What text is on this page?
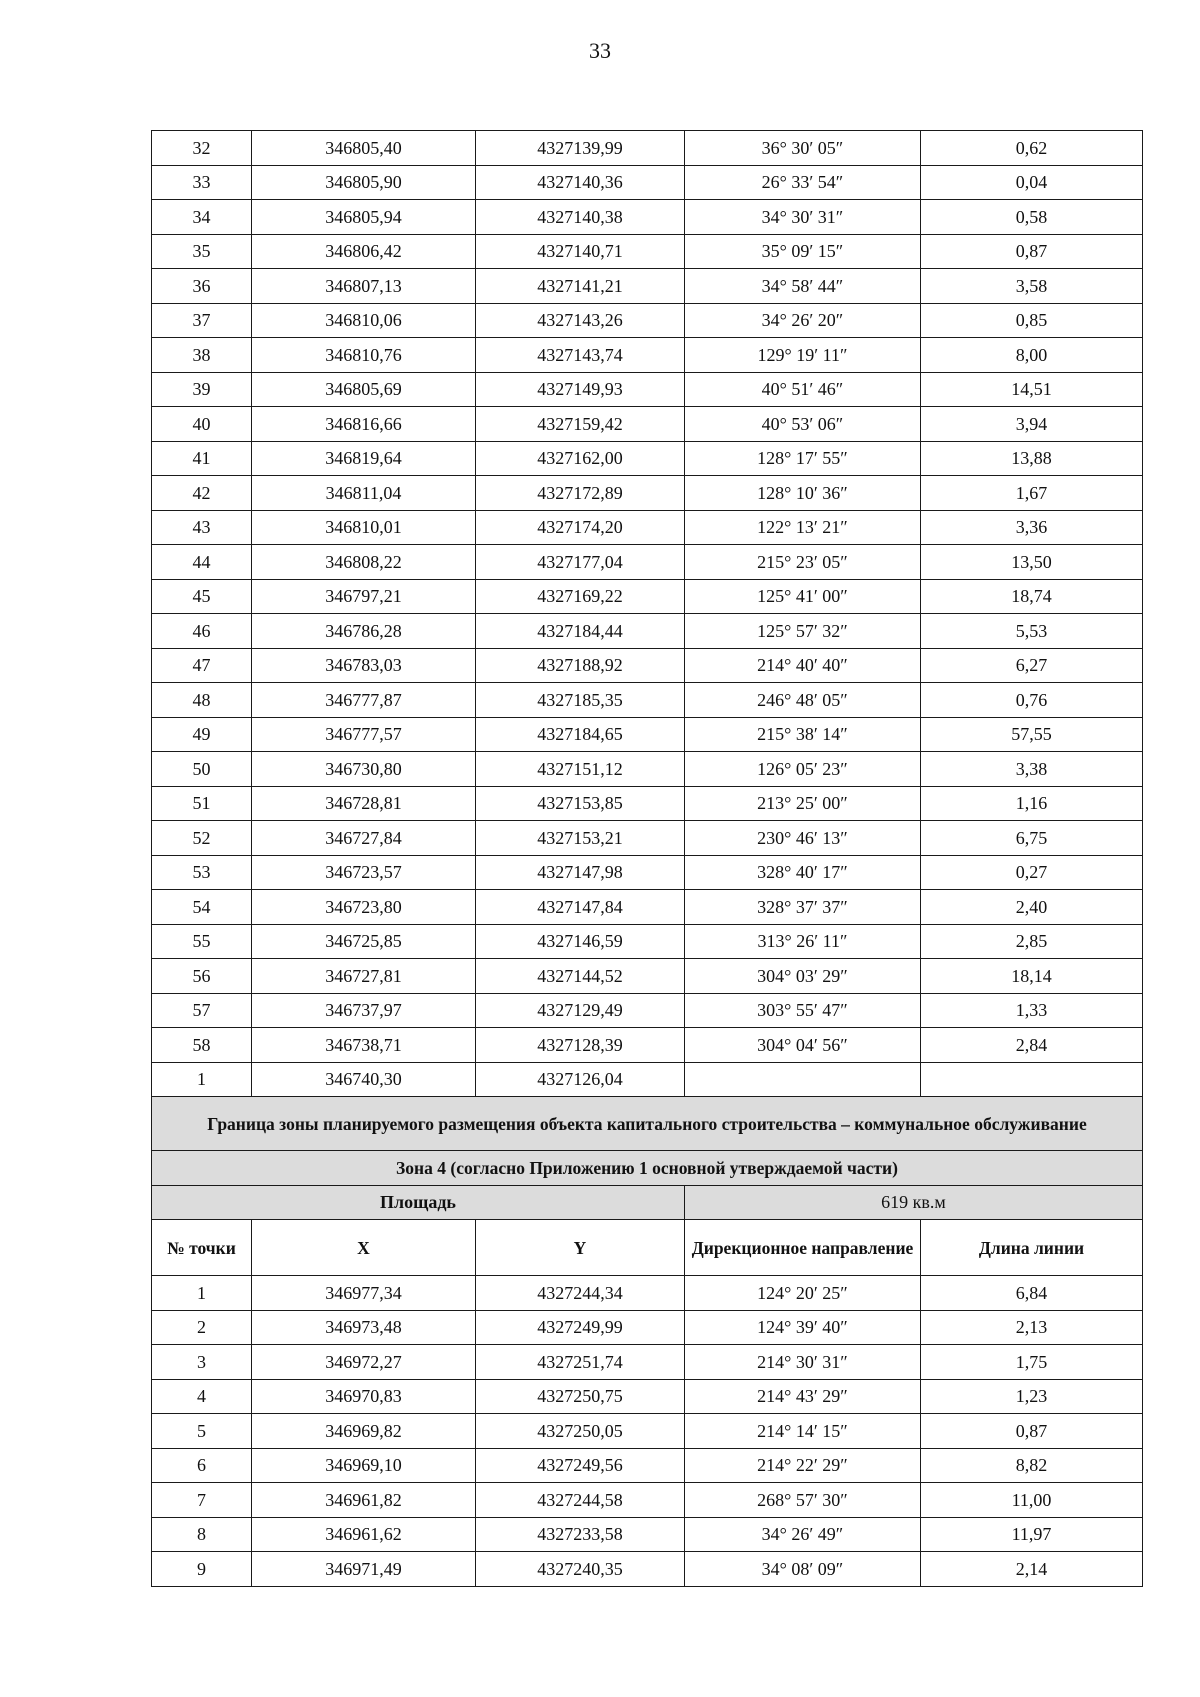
33
32	346805,40	4327139,99	36° 30′ 05″	0,62
33	346805,90	4327140,36	26° 33′ 54″	0,04
34	346805,94	4327140,38	34° 30′ 31″	0,58
35	346806,42	4327140,71	35° 09′ 15″	0,87
36	346807,13	4327141,21	34° 58′ 44″	3,58
37	346810,06	4327143,26	34° 26′ 20″	0,85
38	346810,76	4327143,74	129° 19′ 11″	8,00
39	346805,69	4327149,93	40° 51′ 46″	14,51
40	346816,66	4327159,42	40° 53′ 06″	3,94
41	346819,64	4327162,00	128° 17′ 55″	13,88
42	346811,04	4327172,89	128° 10′ 36″	1,67
43	346810,01	4327174,20	122° 13′ 21″	3,36
44	346808,22	4327177,04	215° 23′ 05″	13,50
45	346797,21	4327169,22	125° 41′ 00″	18,74
46	346786,28	4327184,44	125° 57′ 32″	5,53
47	346783,03	4327188,92	214° 40′ 40″	6,27
48	346777,87	4327185,35	246° 48′ 05″	0,76
49	346777,57	4327184,65	215° 38′ 14″	57,55
50	346730,80	4327151,12	126° 05′ 23″	3,38
51	346728,81	4327153,85	213° 25′ 00″	1,16
52	346727,84	4327153,21	230° 46′ 13″	6,75
53	346723,57	4327147,98	328° 40′ 17″	0,27
54	346723,80	4327147,84	328° 37′ 37″	2,40
55	346725,85	4327146,59	313° 26′ 11″	2,85
56	346727,81	4327144,52	304° 03′ 29″	18,14
57	346737,97	4327129,49	303° 55′ 47″	1,33
58	346738,71	4327128,39	304° 04′ 56″	2,84
1	346740,30	4327126,04		
Граница зоны планируемого размещения объекта капитального строительства – коммунальное обслуживание				
Зона 4 (согласно Приложению 1 основной утверждаемой части)				
Площадь			619 кв.м	
№ точки	X	Y	Дирекционное направление	Длина линии
1	346977,34	4327244,34	124° 20′ 25″	6,84
2	346973,48	4327249,99	124° 39′ 40″	2,13
3	346972,27	4327251,74	214° 30′ 31″	1,75
4	346970,83	4327250,75	214° 43′ 29″	1,23
5	346969,82	4327250,05	214° 14′ 15″	0,87
6	346969,10	4327249,56	214° 22′ 29″	8,82
7	346961,82	4327244,58	268° 57′ 30″	11,00
8	346961,62	4327233,58	34° 26′ 49″	11,97
9	346971,49	4327240,35	34° 08′ 09″	2,14
